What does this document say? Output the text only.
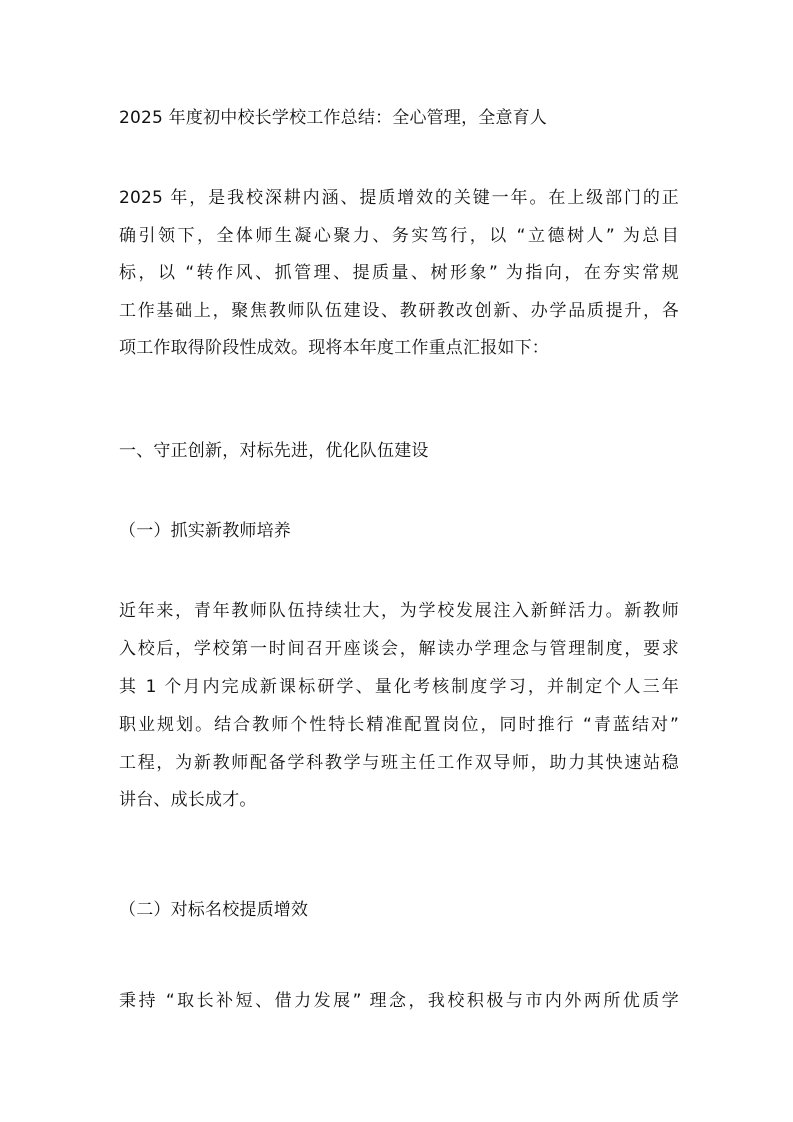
2025 年度初中校长学校工作总结：全心管理，全意育人
2025 年，是我校深耕内涵、提质增效的关键一年。在上级部门的正
确引领下，全体师生凝心聚力、务实笃行，以 “立德树人” 为总目
标，以 “转作风、抓管理、提质量、树形象” 为指向，在夯实常规
工作基础上，聚焦教师队伍建设、教研教改创新、办学品质提升，各
项工作取得阶段性成效。现将本年度工作重点汇报如下：
一、守正创新，对标先进，优化队伍建设
（一）抓实新教师培养
近年来，青年教师队伍持续壮大，为学校发展注入新鲜活力。新教师
入校后，学校第一时间召开座谈会，解读办学理念与管理制度，要求
其 1 个月内完成新课标研学、量化考核制度学习，并制定个人三年
职业规划。结合教师个性特长精准配置岗位，同时推行 “青蓝结对”
工程，为新教师配备学科教学与班主任工作双导师，助力其快速站稳
讲台、成长成才。
（二）对标名校提质增效
秉持 “取长补短、借力发展” 理念，我校积极与市内外两所优质学
